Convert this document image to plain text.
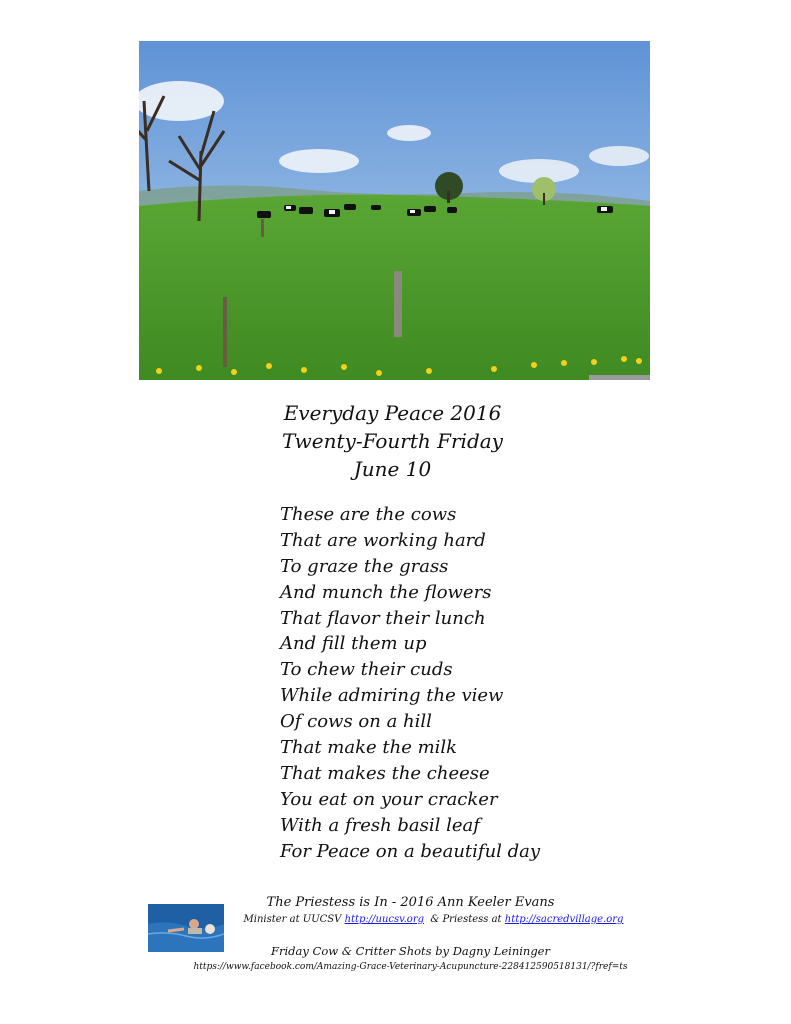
Everyday Peace 2016
Twenty-Fourth Friday
June 10
These are the cows
That are working hard
To graze the grass
And munch the flowers
That flavor their lunch
And fill them up
To chew their cuds
While admiring the view
Of cows on a hill
That make the milk
That makes the cheese
You eat on your cracker
With a fresh basil leaf
For Peace on a beautiful day
The Priestess is In - 2016 Ann Keeler Evans
Minister at UUCSV http://uucsv.org & Priestess at http://sacredvillage.org
Friday Cow & Critter Shots by Dagny Leininger
https://www.facebook.com/Amazing-Grace-Veterinary-Acupuncture-228412590518131/?fref=ts
